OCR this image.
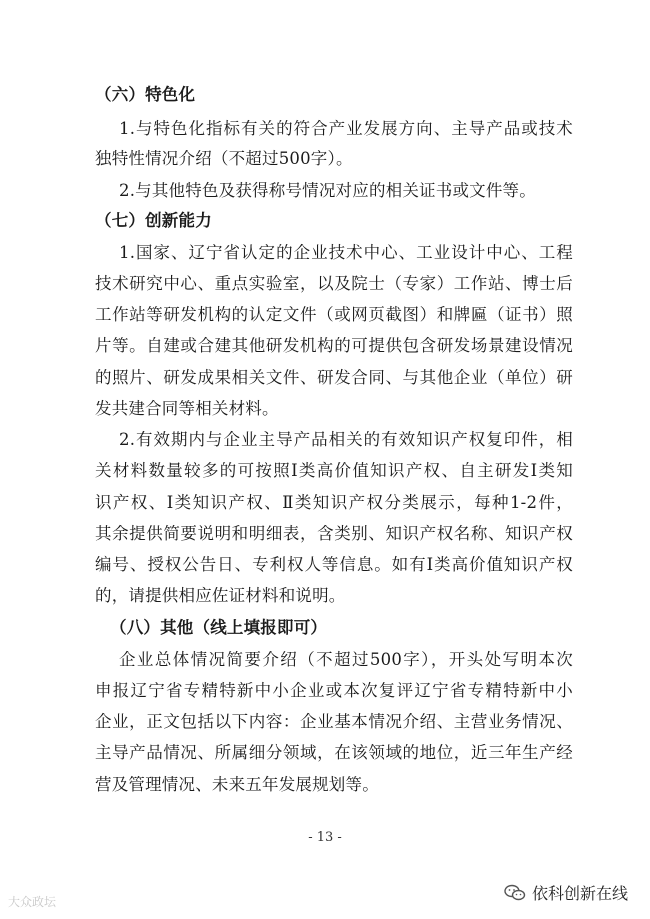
（六）特色化
1.与特色化指标有关的符合产业发展方向、主导产品或技术
独特性情况介绍（不超过500字）。
2.与其他特色及获得称号情况对应的相关证书或文件等。
（七）创新能力
1.国家、辽宁省认定的企业技术中心、工业设计中心、工程
技术研究中心、重点实验室，以及院士（专家）工作站、博士后
工作站等研发机构的认定文件（或网页截图）和牌匾（证书）照
片等。自建或合建其他研发机构的可提供包含研发场景建设情况
的照片、研发成果相关文件、研发合同、与其他企业（单位）研
发共建合同等相关材料。
2.有效期内与企业主导产品相关的有效知识产权复印件，相
关材料数量较多的可按照Ⅰ类高价值知识产权、自主研发Ⅰ类知
识产权、Ⅰ类知识产权、Ⅱ类知识产权分类展示，每种1-2件，
其余提供简要说明和明细表，含类别、知识产权名称、知识产权
编号、授权公告日、专利权人等信息。如有Ⅰ类高价值知识产权
的，请提供相应佐证材料和说明。
（八）其他（线上填报即可）
企业总体情况简要介绍（不超过500字），开头处写明本次
申报辽宁省专精特新中小企业或本次复评辽宁省专精特新中小
企业，正文包括以下内容：企业基本情况介绍、主营业务情况、
主导产品情况、所属细分领域，在该领域的地位，近三年生产经
营及管理情况、未来五年发展规划等。
- 13 -
大众政坛	依科创新在线
